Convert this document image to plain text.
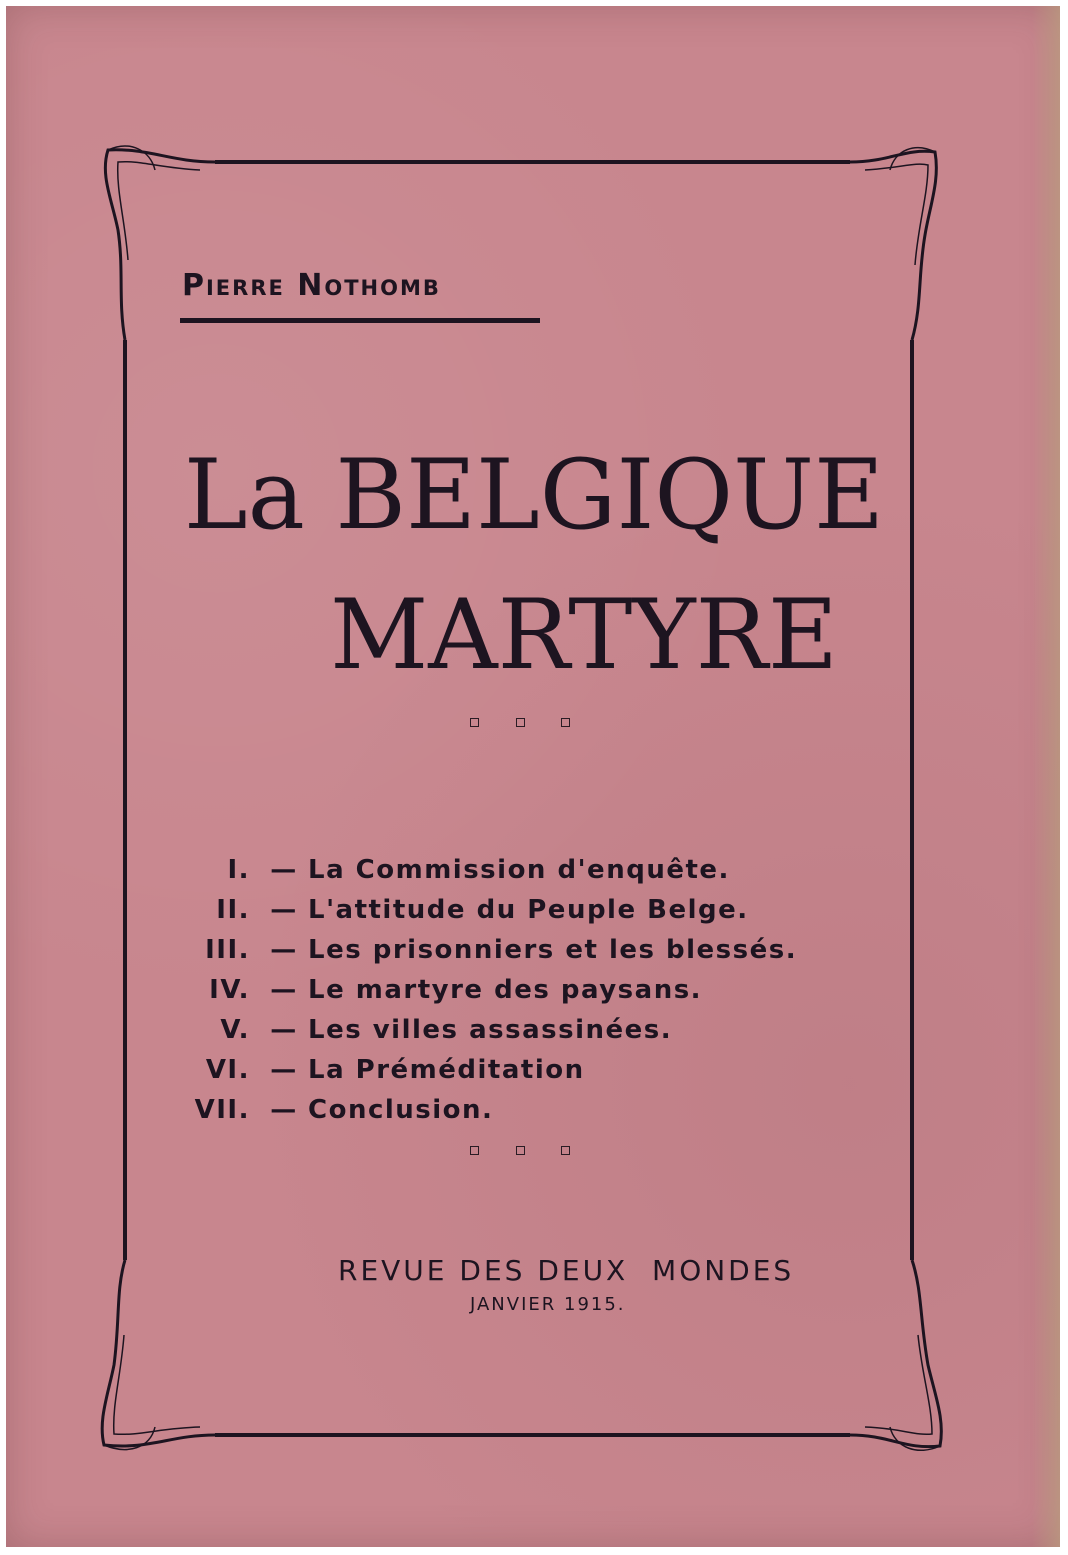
Pierre Nothomb
La BELGIQUE
MARTYRE
I. — La Commission d'enquête.
II. — L'attitude du Peuple Belge.
III. — Les prisonniers et les blessés.
IV. — Le martyre des paysans.
V. — Les villes assassinées.
VI. — La Préméditation
VII. — Conclusion.
REVUE DES DEUX  MONDES
JANVIER 1915.
